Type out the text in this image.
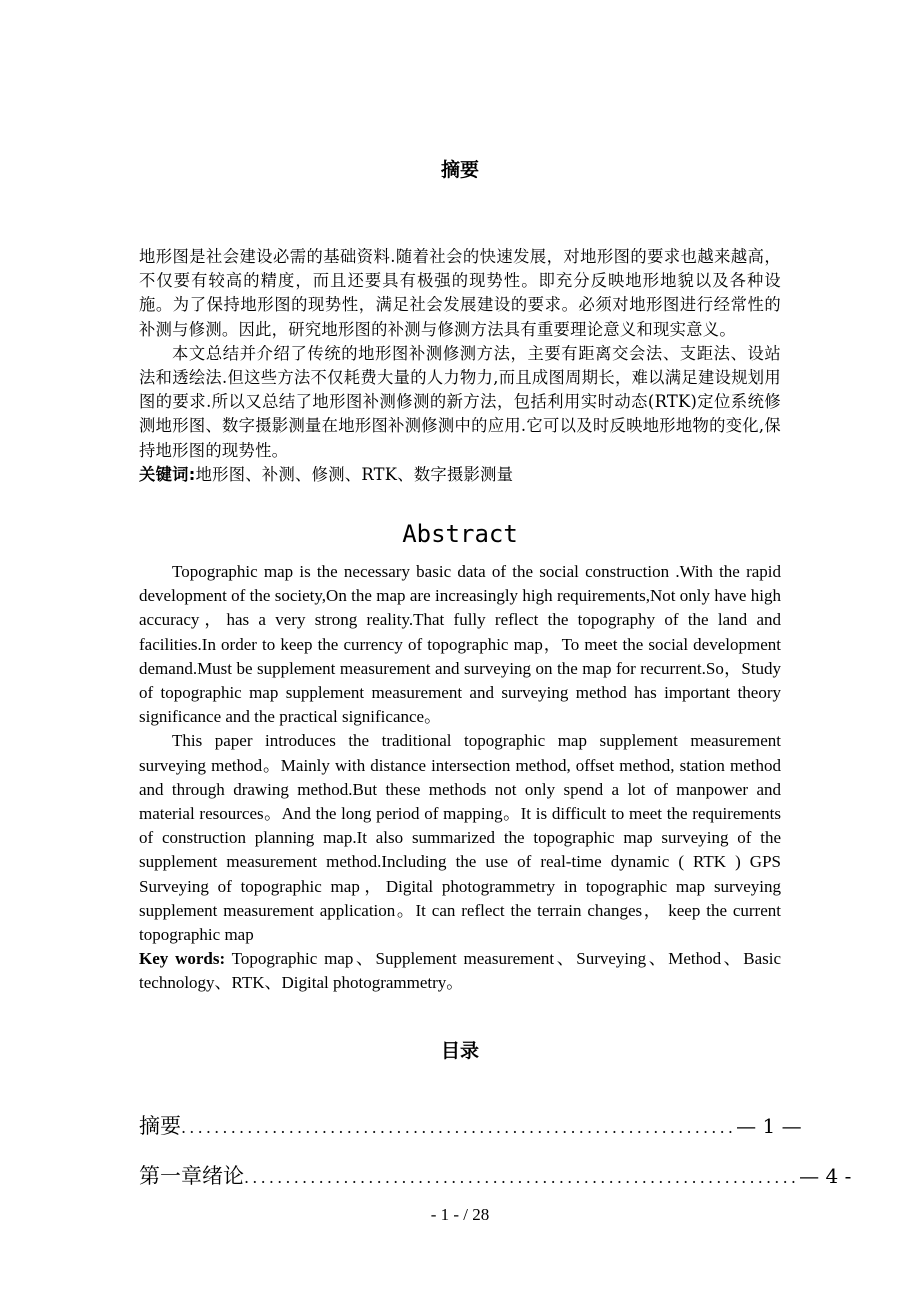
摘要

地形图是社会建设必需的基础资料.随着社会的快速发展，对地形图的要求也越来越高，不仅要有较高的精度，而且还要具有极强的现势性。即充分反映地形地貌以及各种设施。为了保持地形图的现势性，满足社会发展建设的要求。必须对地形图进行经常性的补测与修测。因此，研究地形图的补测与修测方法具有重要理论意义和现实意义。

本文总结并介绍了传统的地形图补测修测方法，主要有距离交会法、支距法、设站法和透绘法.但这些方法不仅耗费大量的人力物力,而且成图周期长，难以满足建设规划用图的要求.所以又总结了地形图补测修测的新方法，包括利用实时动态(RTK)定位系统修测地形图、数字摄影测量在地形图补测修测中的应用.它可以及时反映地形地物的变化,保持地形图的现势性。

关键词:地形图、补测、修测、RTK、数字摄影测量

Abstract

Topographic map is the necessary basic data of the social construction .With the rapid development of the society,On the map are increasingly high requirements,Not only have high accuracy，has a very strong reality.That fully reflect the topography of the land and facilities.In order to keep the currency of topographic map，To meet the social development demand.Must be supplement measurement and surveying on the map for recurrent.So，Study of topographic map supplement measurement and surveying method has important theory significance and the practical significance。

This paper introduces the traditional topographic map supplement measurement surveying method。Mainly with distance intersection method, offset method, station method and through drawing method.But these methods not only spend a lot of manpower and material resources。And the long period of mapping。It is difficult to meet the requirements of construction planning map.It also summarized the topographic map surveying of the supplement measurement method.Including the use of real-time dynamic ( RTK ) GPS Surveying of topographic map，Digital photogrammetry in topographic map surveying supplement measurement application。It can reflect the terrain changes， keep the current topographic map

Key words: Topographic map、Supplement measurement、Surveying、Method、Basic technology、RTK、Digital photogrammetry。

目录
摘要 ................................................................... — 1 —
第一章 绪论 ................................................................... — 4 -
- 1 - / 28
